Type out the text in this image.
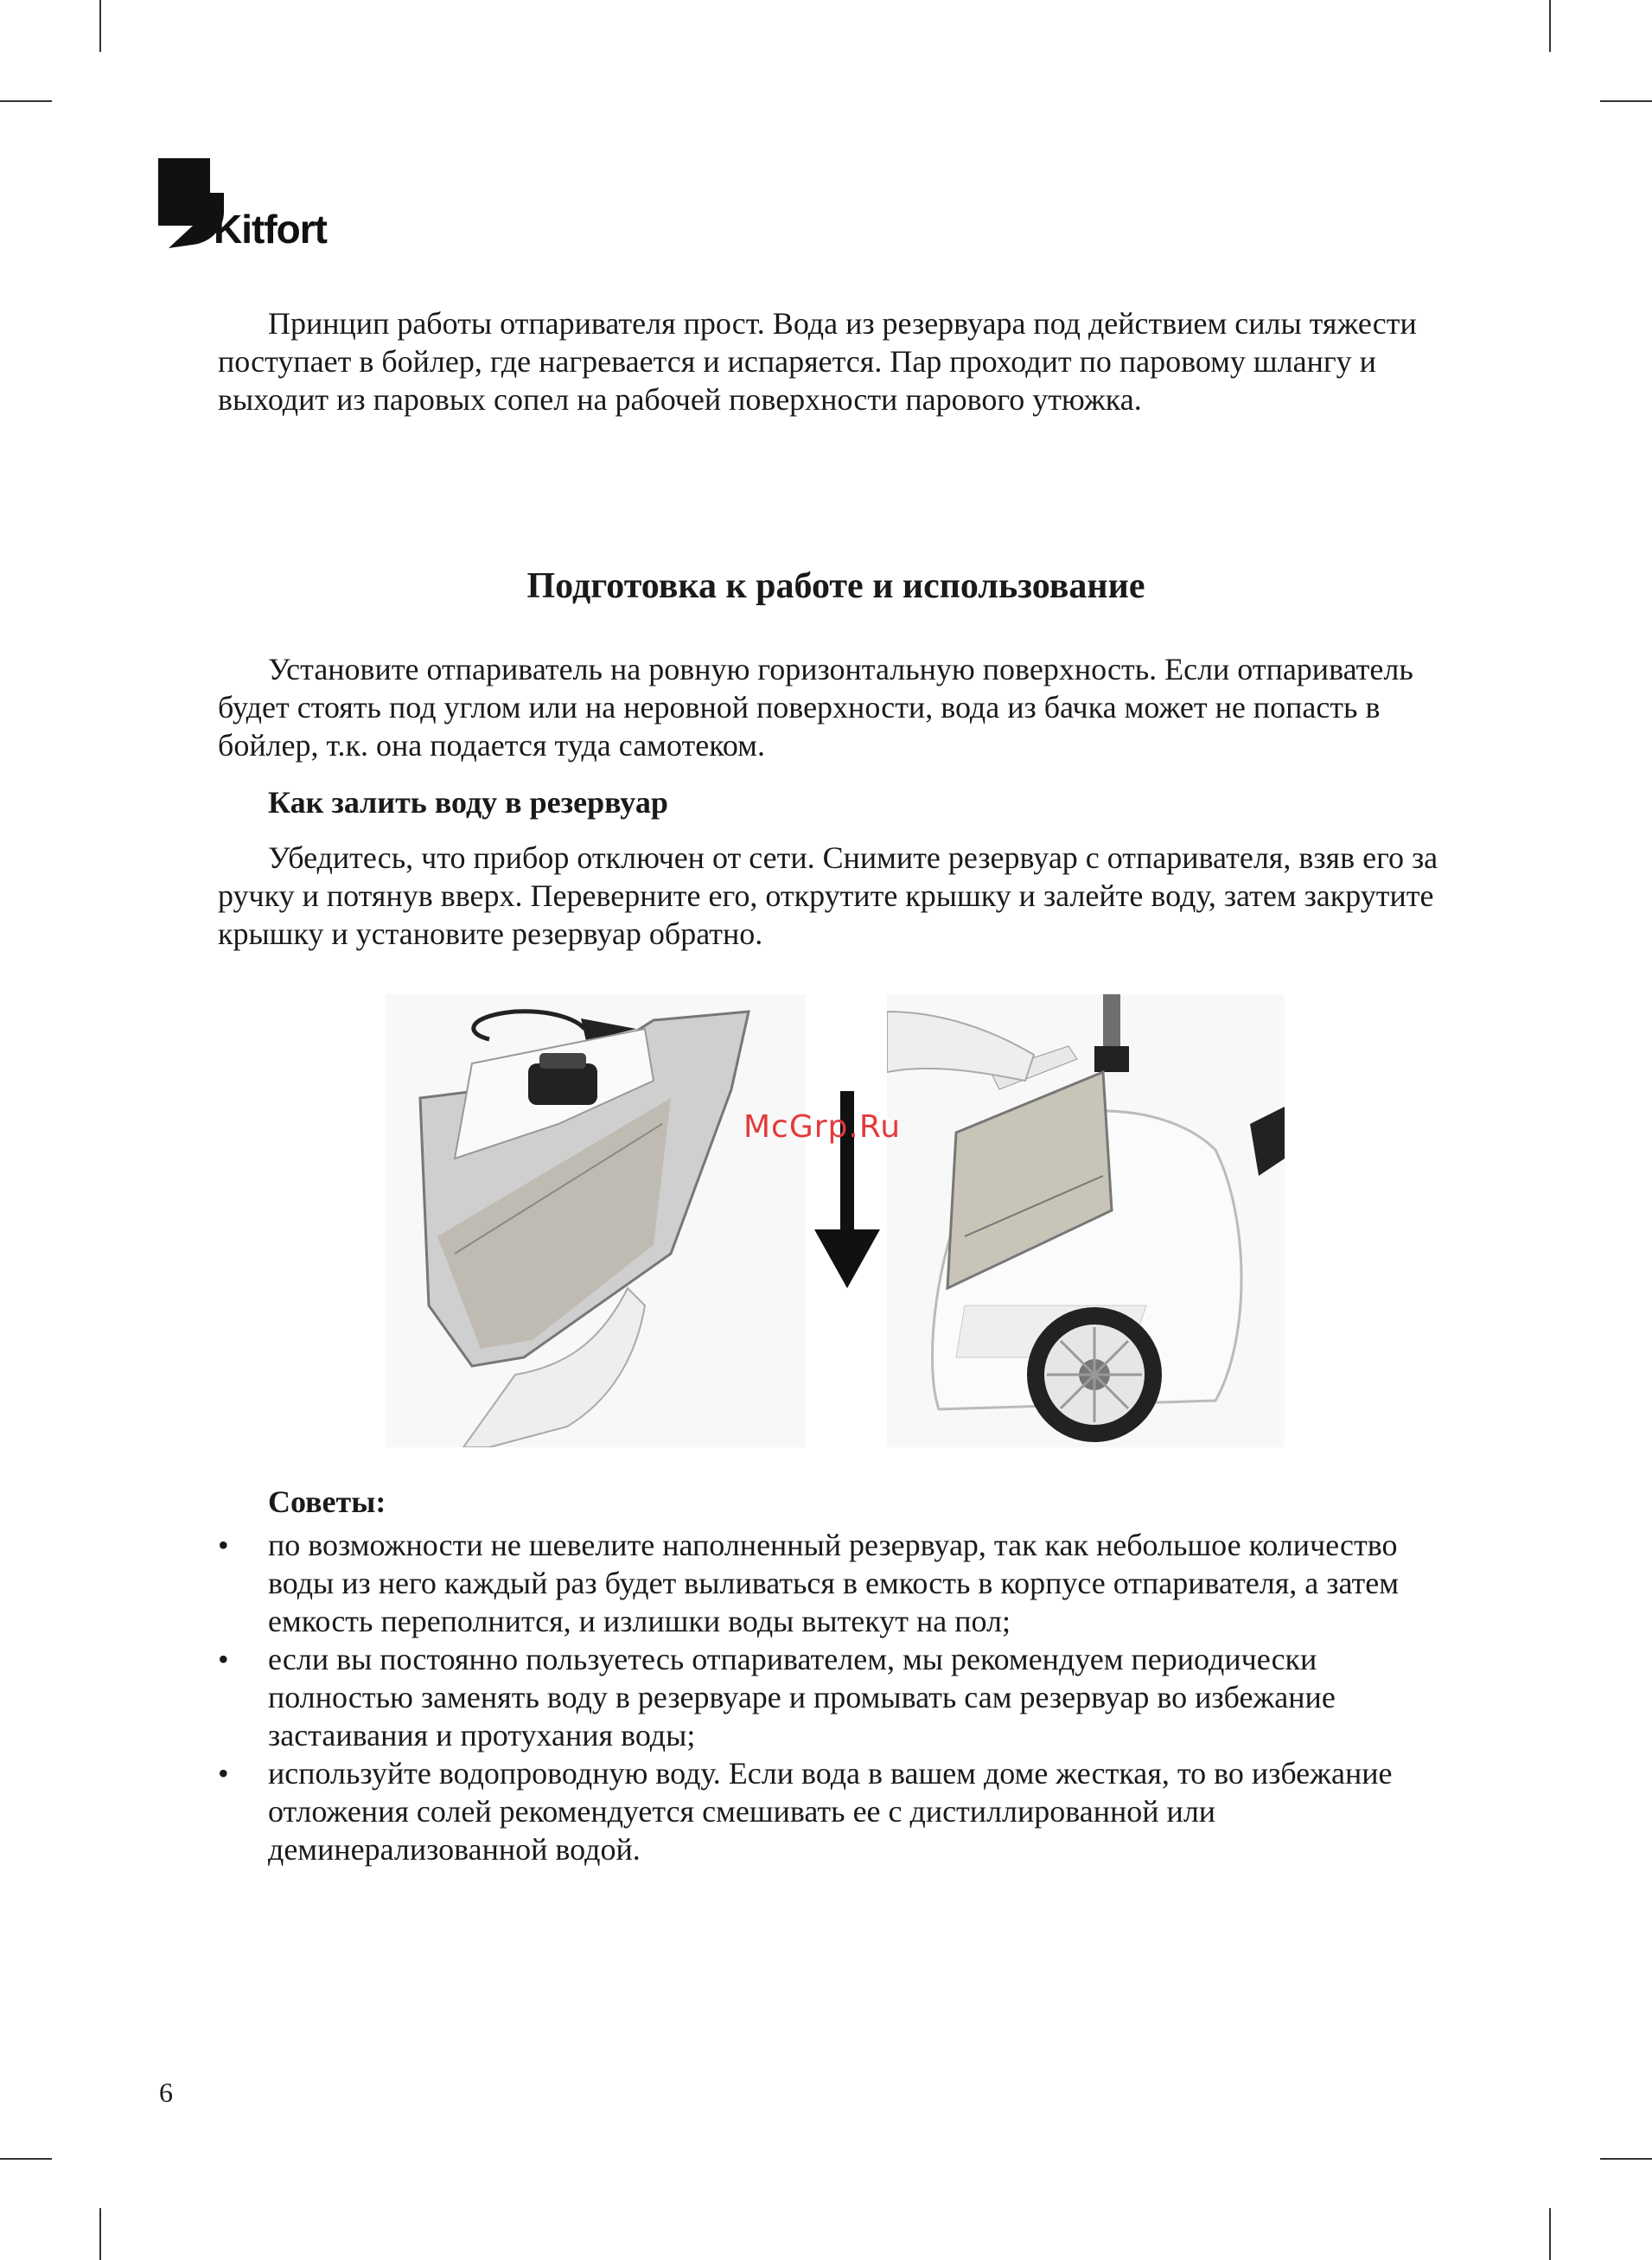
Kitfort

Принцип работы отпаривателя прост. Вода из резервуара под действием силы тяжести поступает в бойлер, где нагревается и испаряется. Пар проходит по паровому шлангу и выходит из паровых сопел на рабочей поверхности парового утюжка.

Подготовка к работе и использование

Установите отпариватель на ровную горизонтальную поверхность. Если отпариватель будет стоять под углом или на неровной поверхности, вода из бачка может не попасть в бойлер, т.к. она подается туда самотеком.

Как залить воду в резервуар

Убедитесь, что прибор отключен от сети. Снимите резервуар с отпаривателя, взяв его за ручку и потянув вверх. Переверните его, открутите крышку и залейте воду, затем закрутите крышку и установите резервуар обратно.

McGrp.Ru
Советы:
• по возможности не шевелите наполненный резервуар, так как небольшое количество воды из него каждый раз будет выливаться в емкость в корпусе отпаривателя, а затем емкость переполнится, и излишки воды вытекут на пол;
• если вы постоянно пользуетесь отпаривателем, мы рекомендуем периодически полностью заменять воду в резервуаре и промывать сам резервуар во избежание застаивания и протухания воды;
• используйте водопроводную воду. Если вода в вашем доме жесткая, то во избежание отложения солей рекомендуется смешивать ее с дистиллированной или деминерализованной водой.
6
